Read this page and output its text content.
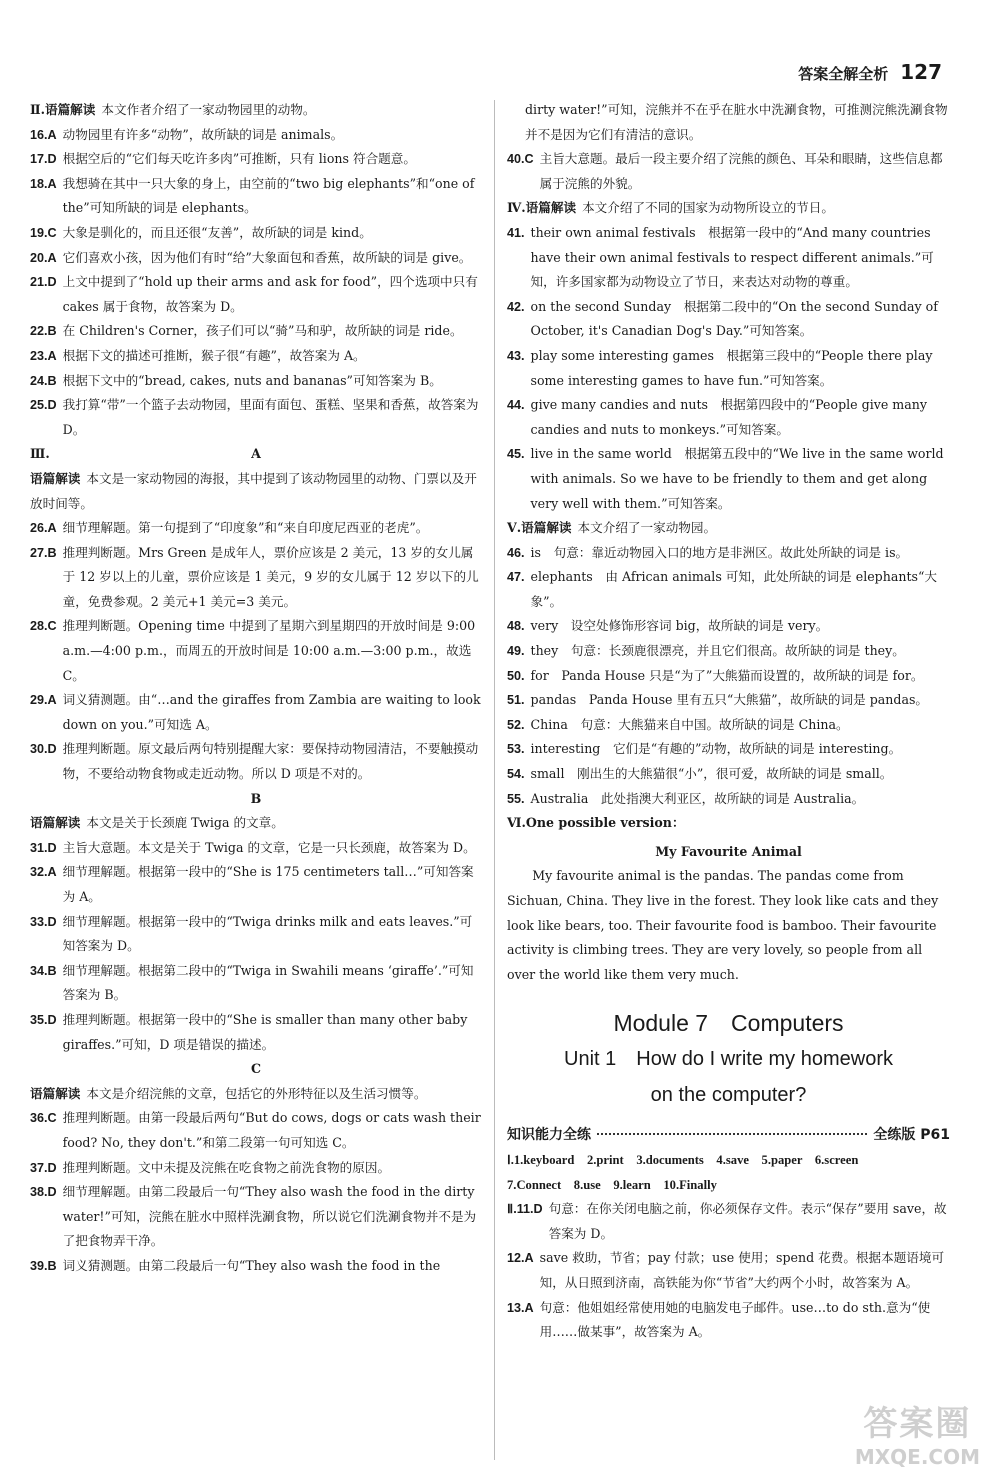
答案全解全析 127
Ⅱ.语篇解读 本文作者介绍了一家动物园里的动物。
16.A 动物园里有许多“动物”，故所缺的词是 animals。
17.D 根据空后的“它们每天吃许多肉”可推断，只有 lions 符合题意。
18.A 我想骑在其中一只大象的身上，由空前的“two big elephants”和“one of the”可知所缺的词是 elephants。
19.C 大象是驯化的，而且还很“友善”，故所缺的词是 kind。
20.A 它们喜欢小孩，因为他们有时“给”大象面包和香蕉，故所缺的词是 give。
21.D 上文中提到了“hold up their arms and ask for food”，四个选项中只有 cakes 属于食物，故答案为 D。
22.B 在 Children's Corner，孩子们可以“骑”马和驴，故所缺的词是 ride。
23.A 根据下文的描述可推断，猴子很“有趣”，故答案为 A。
24.B 根据下文中的“bread, cakes, nuts and bananas”可知答案为 B。
25.D 我打算“带”一个篮子去动物园，里面有面包、蛋糕、坚果和香蕉，故答案为 D。
Ⅲ.	A
语篇解读 本文是一家动物园的海报，其中提到了该动物园里的动物、门票以及开放时间等。
26.A 细节理解题。第一句提到了“印度象”和“来自印度尼西亚的老虎”。
27.B 推理判断题。Mrs Green 是成年人，票价应该是 2 美元，13 岁的女儿属于 12 岁以上的儿童，票价应该是 1 美元，9 岁的女儿属于 12 岁以下的儿童，免费参观。2 美元+1 美元=3 美元。
28.C 推理判断题。Opening time 中提到了星期六到星期四的开放时间是 9:00 a.m.—4:00 p.m.，而周五的开放时间是 10:00 a.m.—3:00 p.m.，故选 C。
29.A 词义猜测题。由“…and the giraffes from Zambia are waiting to look down on you.”可知选 A。
30.D 推理判断题。原文最后两句特别提醒大家：要保持动物园清洁，不要触摸动物，不要给动物食物或走近动物。所以 D 项是不对的。
B
语篇解读 本文是关于长颈鹿 Twiga 的文章。
31.D 主旨大意题。本文是关于 Twiga 的文章，它是一只长颈鹿，故答案为 D。
32.A 细节理解题。根据第一段中的“She is 175 centimeters tall…”可知答案为 A。
33.D 细节理解题。根据第一段中的“Twiga drinks milk and eats leaves.”可知答案为 D。
34.B 细节理解题。根据第二段中的“Twiga in Swahili means ‘giraffe’.”可知答案为 B。
35.D 推理判断题。根据第一段中的“She is smaller than many other baby giraffes.”可知，D 项是错误的描述。
C
语篇解读 本文是介绍浣熊的文章，包括它的外形特征以及生活习惯等。
36.C 推理判断题。由第一段最后两句“But do cows, dogs or cats wash their food? No, they don't.”和第二段第一句可知选 C。
37.D 推理判断题。文中未提及浣熊在吃食物之前洗食物的原因。
38.D 细节理解题。由第二段最后一句“They also wash the food in the dirty water!”可知，浣熊在脏水中照样洗涮食物，所以说它们洗涮食物并不是为了把食物弄干净。
39.B 词义猜测题。由第二段最后一句“They also wash the food in the
dirty water!”可知，浣熊并不在乎在脏水中洗涮食物，可推测浣熊洗涮食物并不是因为它们有清洁的意识。
40.C 主旨大意题。最后一段主要介绍了浣熊的颜色、耳朵和眼睛，这些信息都属于浣熊的外貌。
Ⅳ.语篇解读 本文介绍了不同的国家为动物所设立的节日。
41. their own animal festivals　根据第一段中的“And many countries have their own animal festivals to respect different animals.”可知，许多国家都为动物设立了节日，来表达对动物的尊重。
42. on the second Sunday　根据第二段中的“On the second Sunday of October, it's Canadian Dog's Day.”可知答案。
43. play some interesting games　根据第三段中的“People there play some interesting games to have fun.”可知答案。
44. give many candies and nuts　根据第四段中的“People give many candies and nuts to monkeys.”可知答案。
45. live in the same world　根据第五段中的“We live in the same world with animals. So we have to be friendly to them and get along very well with them.”可知答案。
Ⅴ.语篇解读 本文介绍了一家动物园。
46. is　句意：靠近动物园入口的地方是非洲区。故此处所缺的词是 is。
47. elephants　由 African animals 可知，此处所缺的词是 elephants“大象”。
48. very　设空处修饰形容词 big，故所缺的词是 very。
49. they　句意：长颈鹿很漂亮，并且它们很高。故所缺的词是 they。
50. for　Panda House 只是“为了”大熊猫而设置的，故所缺的词是 for。
51. pandas　Panda House 里有五只“大熊猫”，故所缺的词是 pandas。
52. China　句意：大熊猫来自中国。故所缺的词是 China。
53. interesting　它们是“有趣的”动物，故所缺的词是 interesting。
54. small　刚出生的大熊猫很“小”，很可爱，故所缺的词是 small。
55. Australia　此处指澳大利亚区，故所缺的词是 Australia。
Ⅵ.One possible version：
My Favourite Animal
My favourite animal is the pandas. The pandas come from Sichuan, China. They live in the forest. They look like cats and they look like bears, too. Their favourite food is bamboo. Their favourite activity is climbing trees. They are very lovely, so people from all over the world like them very much.
Module 7　Computers
Unit 1　How do I write my homework
on the computer?
知识能力全练	全练版 P61
Ⅰ.1.keyboard　2.print　3.documents　4.save　5.paper　6.screen
7.Connect　8.use　9.learn　10.Finally
Ⅱ.11.D 句意：在你关闭电脑之前，你必须保存文件。表示“保存”要用 save，故答案为 D。
12.A save 救助，节省；pay 付款；use 使用；spend 花费。根据本题语境可知，从日照到济南，高铁能为你“节省”大约两个小时，故答案为 A。
13.A 句意：他姐姐经常使用她的电脑发电子邮件。use…to do sth.意为“使用……做某事”，故答案为 A。
答案圈
MXQE.COM
